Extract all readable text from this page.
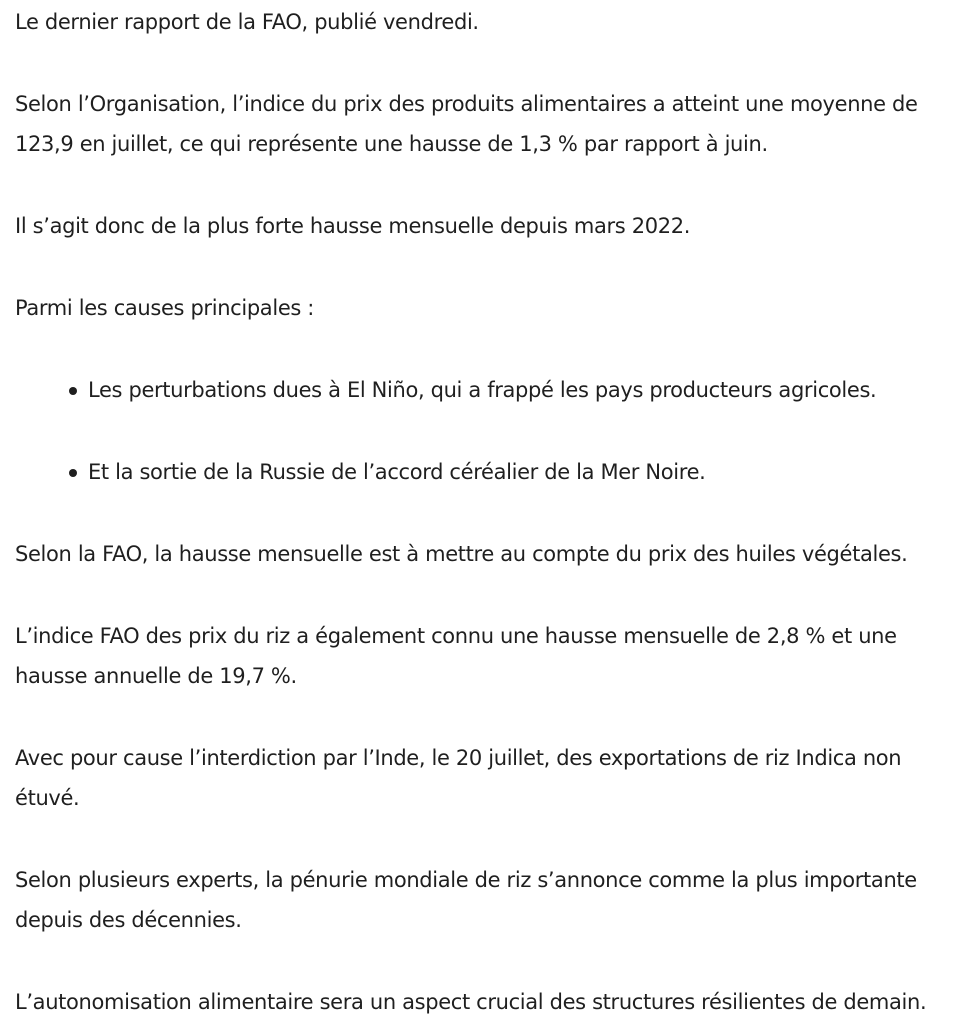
Le dernier rapport de la FAO, publié vendredi.

Selon l’Organisation, l’indice du prix des produits alimentaires a atteint une moyenne de
123,9 en juillet, ce qui représente une hausse de 1,3 % par rapport à juin.

Il s’agit donc de la plus forte hausse mensuelle depuis mars 2022.

Parmi les causes principales :

Les perturbations dues à El Niño, qui a frappé les pays producteurs agricoles.
Et la sortie de la Russie de l’accord céréalier de la Mer Noire.

Selon la FAO, la hausse mensuelle est à mettre au compte du prix des huiles végétales.

L’indice FAO des prix du riz a également connu une hausse mensuelle de 2,8 % et une
hausse annuelle de 19,7 %.

Avec pour cause l’interdiction par l’Inde, le 20 juillet, des exportations de riz Indica non
étuvé.

Selon plusieurs experts, la pénurie mondiale de riz s’annonce comme la plus importante
depuis des décennies.

L’autonomisation alimentaire sera un aspect crucial des structures résilientes de demain.
